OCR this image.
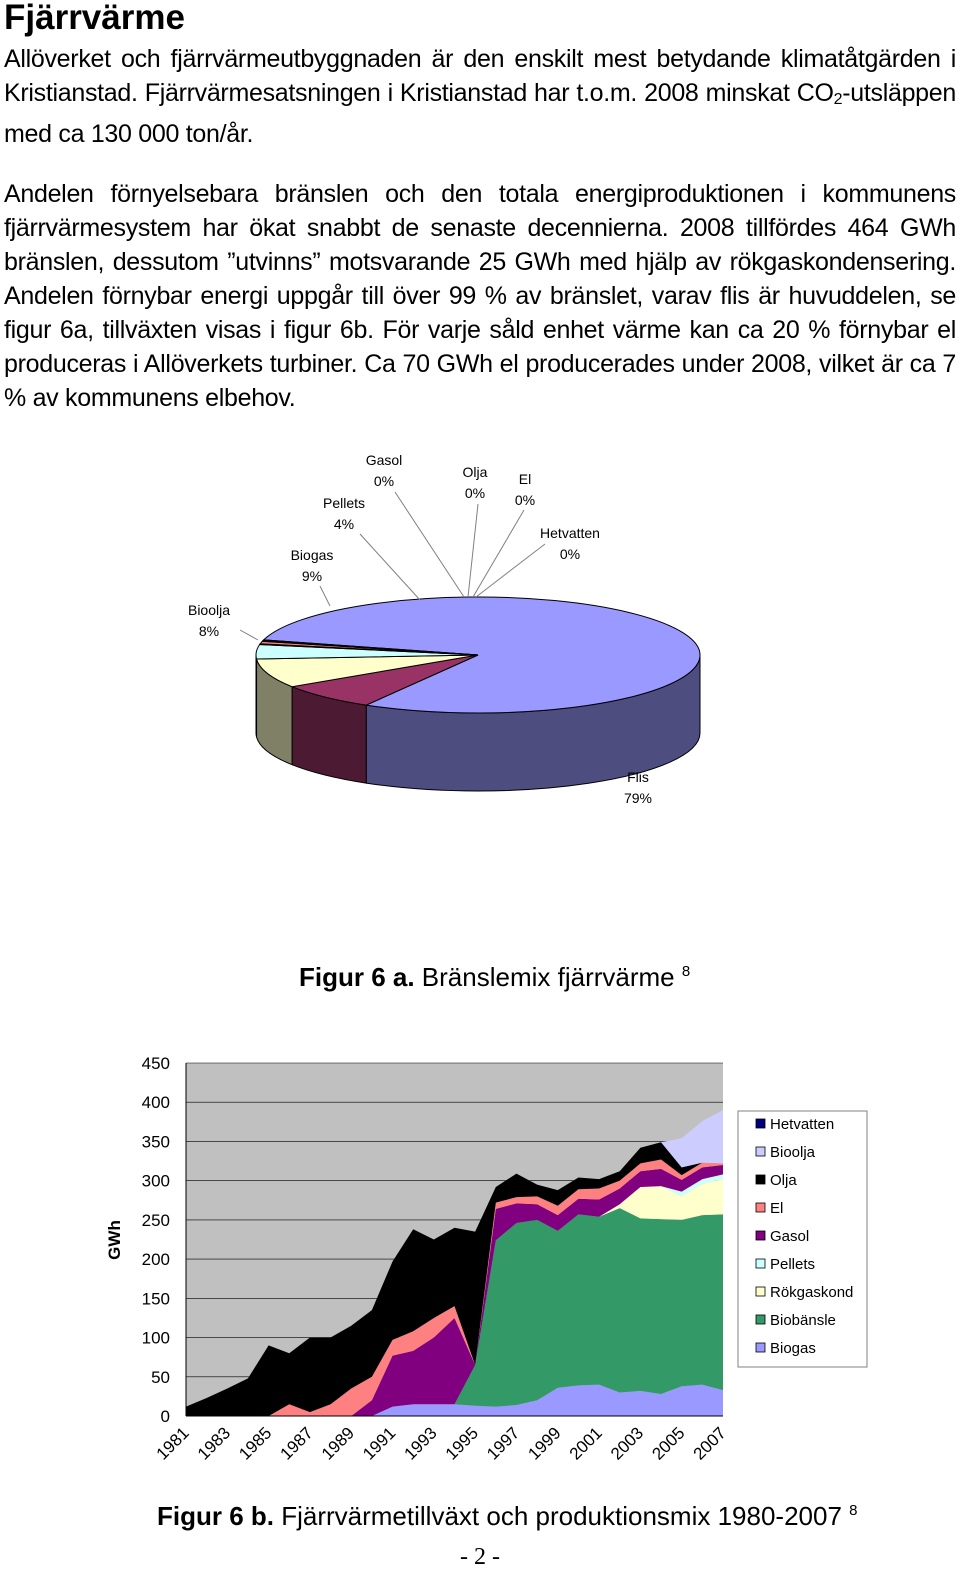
Fjärrvärme

Allöverket och fjärrvärmeutbyggnaden är den enskilt mest betydande klimatåtgärden i Kristianstad. Fjärrvärmesatsningen i Kristianstad har t.o.m. 2008 minskat CO2-utsläppen med ca 130 000 ton/år.

Andelen förnyelsebara bränslen och den totala energiproduktionen i kommunens fjärrvärmesystem har ökat snabbt de senaste decennierna. 2008 tillfördes 464 GWh bränslen, dessutom ”utvinns” motsvarande 25 GWh med hjälp av rökgaskondensering. Andelen förnybar energi uppgår till över 99 % av bränslet, varav flis är huvuddelen, se figur 6a, tillväxten visas i figur 6b. För varje såld enhet värme kan ca 20 % förnybar el produceras i Allöverkets turbiner. Ca 70 GWh el producerades under 2008, vilket är ca 7 % av kommunens elbehov.

Flis
79%
Bioolja
8%
Biogas
9%
Pellets
4%
Gasol
0%
Olja
0%
El
0%
Hetvatten
0%

Figur 6 a. Bränslemix fjärrvärme $^8$

0
50
100
150
200
250
300
350
400
450
1981 1983 1985 1987 1989 1991 1993 1995 1997 1999 2001 2003 2005 2007
GWh
Hetvatten
Bioolja
Olja
El
Gasol
Pellets
Rökgaskond
Biobänsle
Biogas

Figur 6 b. Fjärrvärmetillväxt och produktionsmix 1980-2007 $^8$

- 2 -
